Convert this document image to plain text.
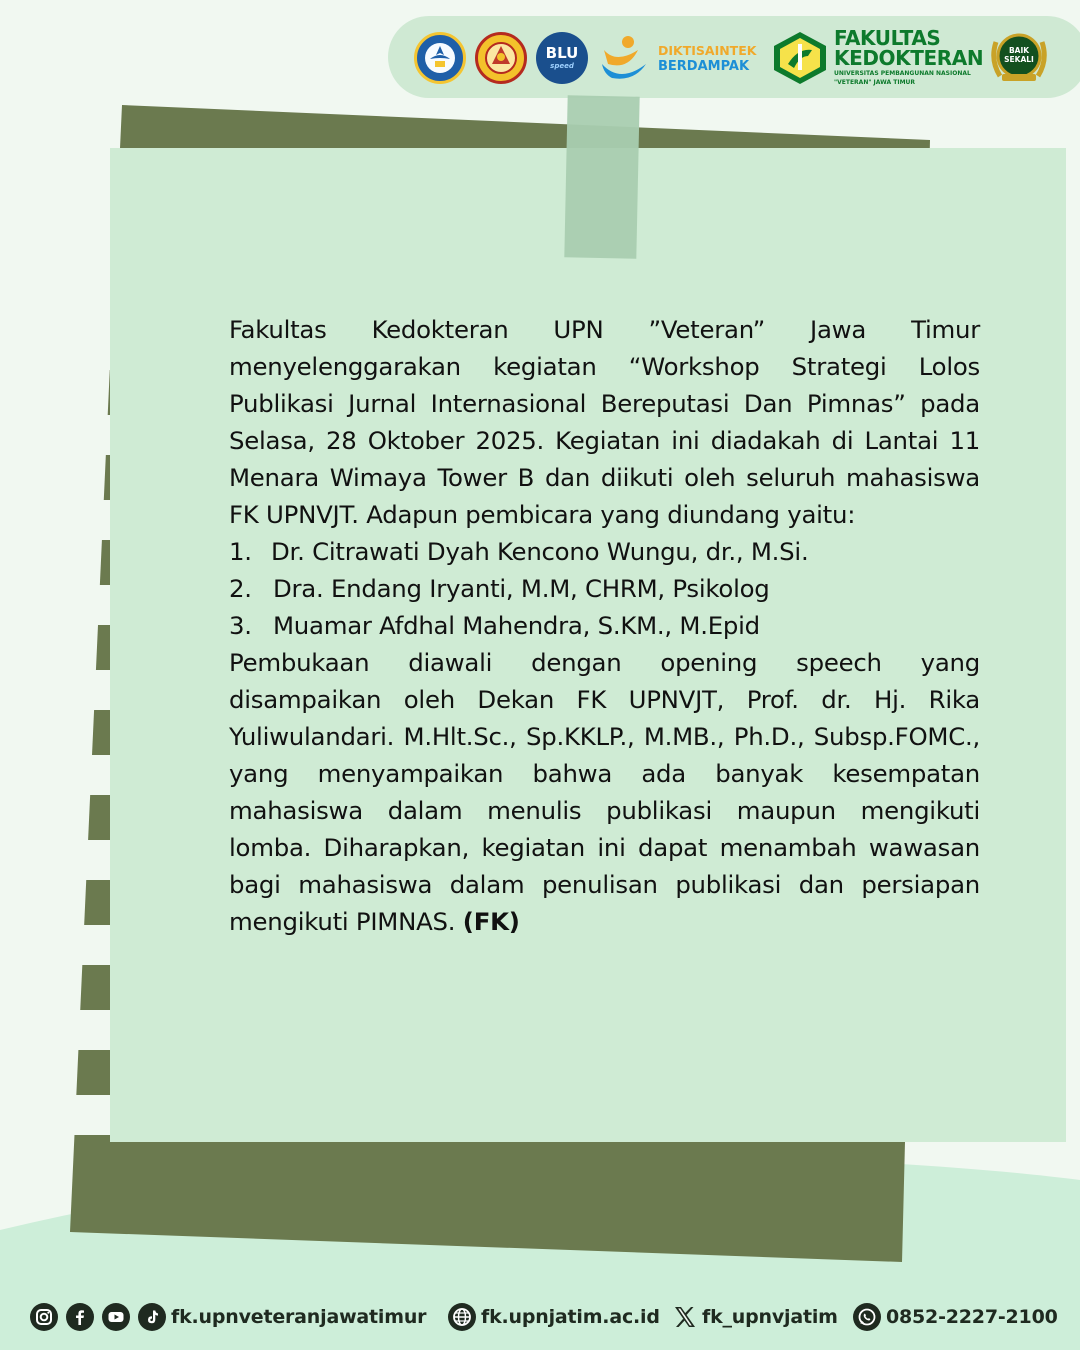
BLU
speed
DIKTISAINTEK
BERDAMPAK
FAKULTAS
KEDOKTERAN
UNIVERSITAS PEMBANGUNAN NASIONAL
"VETERAN" JAWA TIMUR
BAIK
SEKALI

Fakultas Kedokteran UPN ”Veteran” Jawa Timur menyelenggarakan kegiatan “Workshop Strategi Lolos Publikasi Jurnal Internasional Bereputasi Dan Pimnas” pada Selasa, 28 Oktober 2025. Kegiatan ini diadakah di Lantai 11 Menara Wimaya Tower B dan diikuti oleh seluruh mahasiswa FK UPNVJT. Adapun pembicara yang diundang yaitu:

1. Dr. Citrawati Dyah Kencono Wungu, dr., M.Si.
2. Dra. Endang Iryanti, M.M, CHRM, Psikolog
3. Muamar Afdhal Mahendra, S.KM., M.Epid

Pembukaan diawali dengan opening speech yang disampaikan oleh Dekan FK UPNVJT, Prof. dr. Hj. Rika Yuliwulandari. M.Hlt.Sc., Sp.KKLP., M.MB., Ph.D., Subsp.FOMC., yang menyampaikan bahwa ada banyak kesempatan mahasiswa dalam menulis publikasi maupun mengikuti lomba. Diharapkan, kegiatan ini dapat menambah wawasan bagi mahasiswa dalam penulisan publikasi dan persiapan mengikuti PIMNAS. (FK)

fk.upnveteranjawatimur	fk.upnjatim.ac.id fk_upnvjatim	0852-2227-2100
